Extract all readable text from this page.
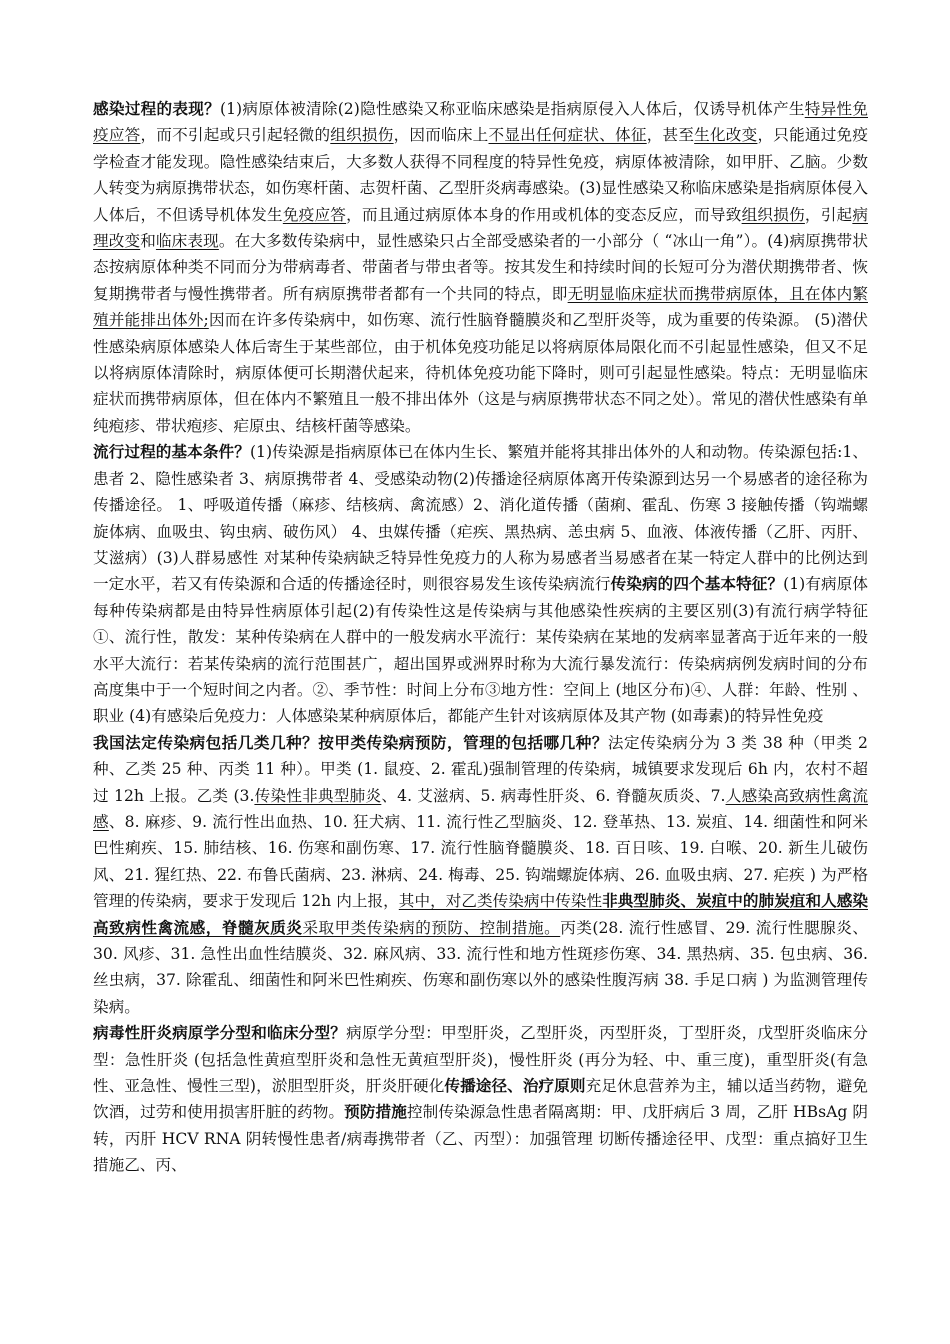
感染过程的表现？(1)病原体被清除(2)隐性感染又称亚临床感染是指病原侵入人体后，仅诱导机体产生特异性免疫应答，而不引起或只引起轻微的组织损伤，因而临床上不显出任何症状、体征，甚至生化改变，只能通过免疫学检查才能发现。隐性感染结束后，大多数人获得不同程度的特异性免疫，病原体被清除，如甲肝、乙脑。少数人转变为病原携带状态，如伤寒杆菌、志贺杆菌、乙型肝炎病毒感染。(3)显性感染又称临床感染是指病原体侵入人体后，不但诱导机体发生免疫应答，而且通过病原体本身的作用或机体的变态反应，而导致组织损伤，引起病理改变和临床表现。在大多数传染病中，显性感染只占全部受感染者的一小部分（ “冰山一角”）。(4)病原携带状态按病原体种类不同而分为带病毒者、带菌者与带虫者等。按其发生和持续时间的长短可分为潜伏期携带者、恢复期携带者与慢性携带者。所有病原携带者都有一个共同的特点，即无明显临床症状而携带病原体，且在体内繁殖并能排出体外;因而在许多传染病中，如伤寒、流行性脑脊髓膜炎和乙型肝炎等，成为重要的传染源。 (5)潜伏性感染病原体感染人体后寄生于某些部位，由于机体免疫功能足以将病原体局限化而不引起显性感染，但又不足以将病原体清除时，病原体便可长期潜伏起来，待机体免疫功能下降时，则可引起显性感染。特点：无明显临床症状而携带病原体，但在体内不繁殖且一般不排出体外（这是与病原携带状态不同之处）。常见的潜伏性感染有单纯疱疹、带状疱疹、疟原虫、结核杆菌等感染。

流行过程的基本条件？(1)传染源是指病原体已在体内生长、繁殖并能将其排出体外的人和动物。传染源包括:1、患者 2、隐性感染者 3、病原携带者 4、受感染动物(2)传播途径病原体离开传染源到达另一个易感者的途径称为传播途径。 1、呼吸道传播（麻疹、结核病、禽流感）2、消化道传播（菌痢、霍乱、伤寒 3 接触传播（钩端螺旋体病、血吸虫、钩虫病、破伤风） 4、虫媒传播（疟疾、黑热病、恙虫病 5、血液、体液传播（乙肝、丙肝、艾滋病）(3)人群易感性 对某种传染病缺乏特异性免疫力的人称为易感者当易感者在某一特定人群中的比例达到一定水平，若又有传染源和合适的传播途径时，则很容易发生该传染病流行传染病的四个基本特征？(1)有病原体每种传染病都是由特异性病原体引起(2)有传染性这是传染病与其他感染性疾病的主要区别(3)有流行病学特征①、流行性，散发：某种传染病在人群中的一般发病水平流行：某传染病在某地的发病率显著高于近年来的一般水平大流行：若某传染病的流行范围甚广，超出国界或洲界时称为大流行暴发流行：传染病病例发病时间的分布高度集中于一个短时间之内者。②、季节性：时间上分布③地方性：空间上 (地区分布)④、人群：年龄、性别 、职业 (4)有感染后免疫力：人体感染某种病原体后，都能产生针对该病原体及其产物 (如毒素)的特异性免疫

我国法定传染病包括几类几种？按甲类传染病预防，管理的包括哪几种？法定传染病分为 3 类 38 种（甲类 2 种、乙类 25 种、丙类 11 种）。甲类 (1. 鼠疫、2. 霍乱)强制管理的传染病，城镇要求发现后 6h 内，农村不超过 12h 上报。乙类 (3.传染性非典型肺炎、4. 艾滋病、5. 病毒性肝炎、6. 脊髓灰质炎、7.人感染高致病性禽流感、8. 麻疹、9. 流行性出血热、10. 狂犬病、11. 流行性乙型脑炎、12. 登革热、13. 炭疽、14. 细菌性和阿米巴性痢疾、15. 肺结核、16. 伤寒和副伤寒、17. 流行性脑脊髓膜炎、18. 百日咳、19. 白喉、20. 新生儿破伤风、21. 猩红热、22. 布鲁氏菌病、23. 淋病、24. 梅毒、25. 钩端螺旋体病、26. 血吸虫病、27. 疟疾 ) 为严格管理的传染病，要求于发现后 12h 内上报，其中，对乙类传染病中传染性非典型肺炎、炭疽中的肺炭疽和人感染高致病性禽流感，脊髓灰质炎采取甲类传染病的预防、控制措施。丙类(28. 流行性感冒、29. 流行性腮腺炎、30. 风疹、31. 急性出血性结膜炎、32. 麻风病、33. 流行性和地方性斑疹伤寒、34. 黑热病、35. 包虫病、36. 丝虫病，37. 除霍乱、细菌性和阿米巴性痢疾、伤寒和副伤寒以外的感染性腹泻病 38. 手足口病 ) 为监测管理传染病。

病毒性肝炎病原学分型和临床分型？病原学分型：甲型肝炎，乙型肝炎，丙型肝炎，丁型肝炎，戊型肝炎临床分型：急性肝炎 (包括急性黄疸型肝炎和急性无黄疸型肝炎)，慢性肝炎 (再分为轻、中、重三度)，重型肝炎(有急性、亚急性、慢性三型)，淤胆型肝炎，肝炎肝硬化传播途径、治疗原则充足休息营养为主，辅以适当药物，避免饮酒，过劳和使用损害肝脏的药物。预防措施控制传染源急性患者隔离期：甲、戊肝病后 3 周，乙肝 HBsAg 阴转，丙肝 HCV RNA 阴转慢性患者/病毒携带者（乙、丙型）：加强管理 切断传播途径甲、戊型：重点搞好卫生措施乙、丙、
